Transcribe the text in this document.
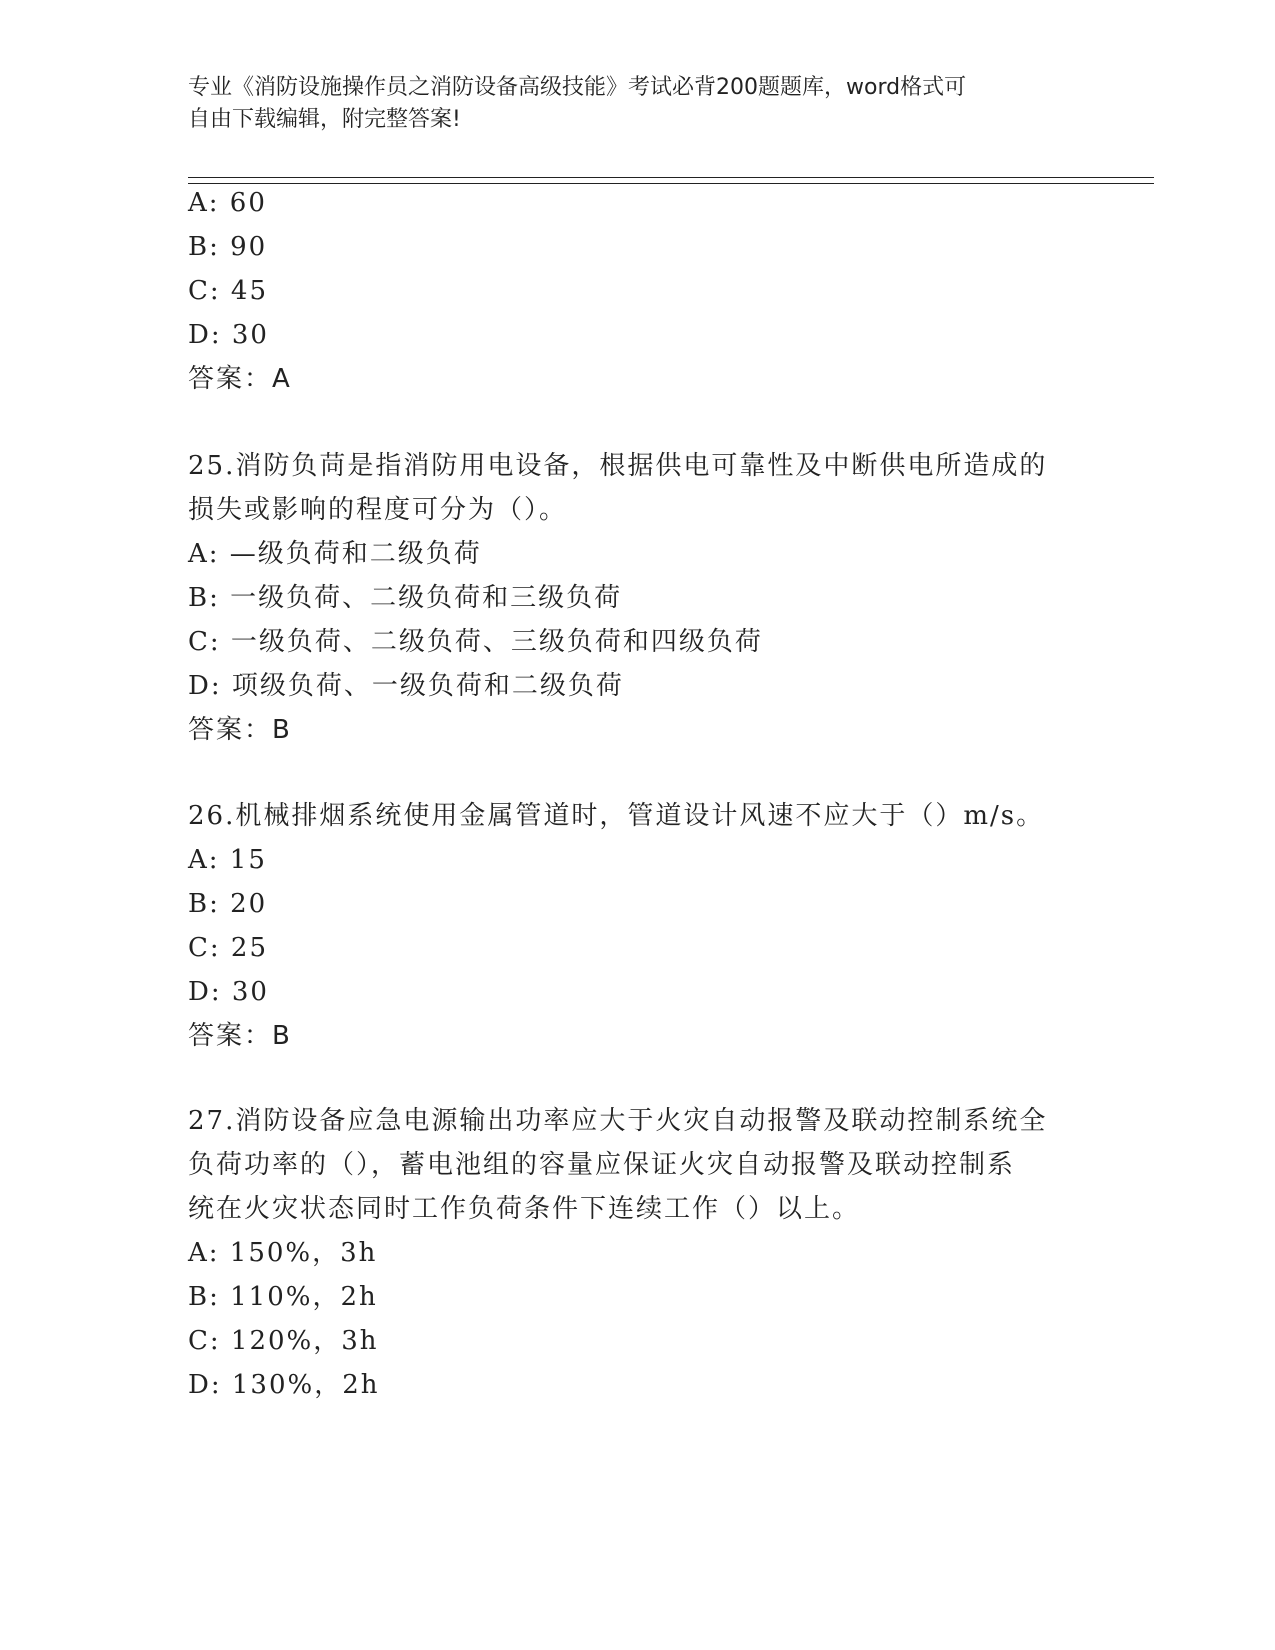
专业《消防设施操作员之消防设备高级技能》考试必背200题题库，word格式可
自由下载编辑，附完整答案!
A: 60
B: 90
C: 45
D: 30
答案：A
25.消防负苘是指消防用电设备，根据供电可靠性及中断供电所造成的
损失或影响的程度可分为（）。
A: —级负荷和二级负荷
B: 一级负荷、二级负荷和三级负荷
C: 一级负荷、二级负荷、三级负荷和四级负荷
D: 项级负荷、一级负荷和二级负荷
答案：B
26.机械排烟系统使用金属管道时，管道设计风速不应大于（）m/s。
A: 15
B: 20
C: 25
D: 30
答案：B
27.消防设备应急电源输出功率应大于火灾自动报警及联动控制系统全
负荷功率的（），蓄电池组的容量应保证火灾自动报警及联动控制系
统在火灾状态同时工作负荷条件下连续工作（）以上。
A: 150%，3h
B: 110%，2h
C: 120%，3h
D: 130%，2h
